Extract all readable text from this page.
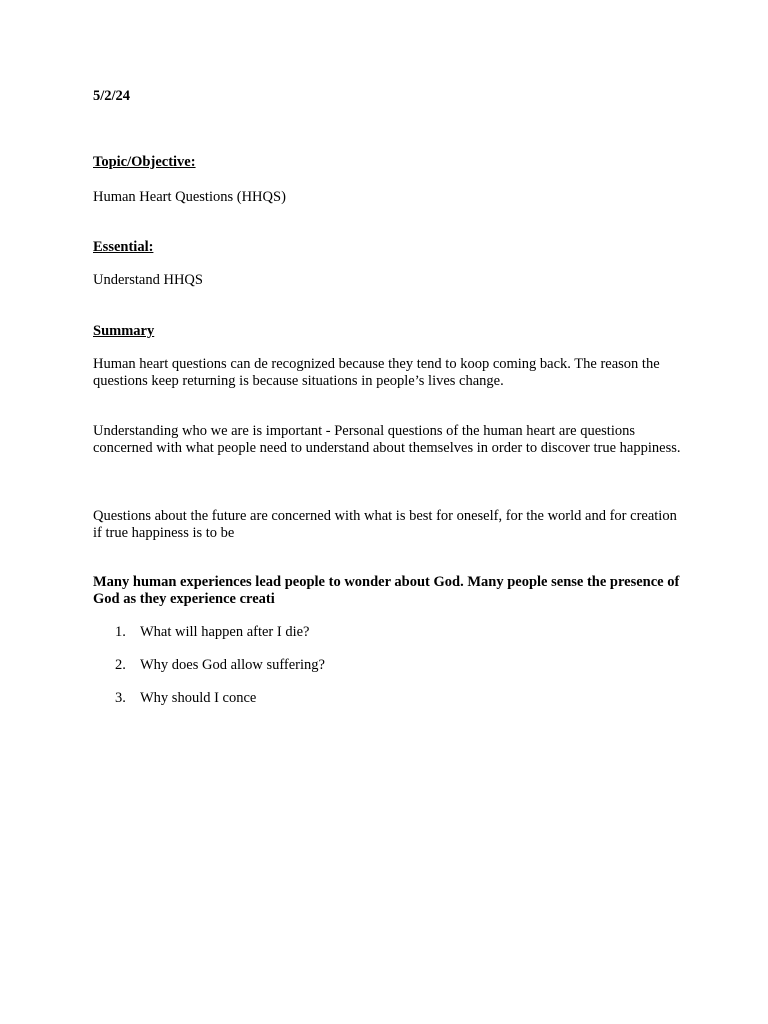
5/2/24

Topic/Objective:

Human Heart Questions (HHQS)

Essential:

Understand HHQS

Summary

Human heart questions can de recognized because they tend to koop coming back. The reason the questions keep returning is because situations in people’s lives change.

Understanding who we are is important - Personal questions of the human heart are questions concerned with what people need to understand about themselves in order to discover true happiness.

Questions about the future are concerned with what is best for oneself, for the world and for creation if true happiness is to be

Many human experiences lead people to wonder about God. Many people sense the presence of God as they experience creati

1. What will happen after I die?
2. Why does God allow suffering?
3. Why should I conce
